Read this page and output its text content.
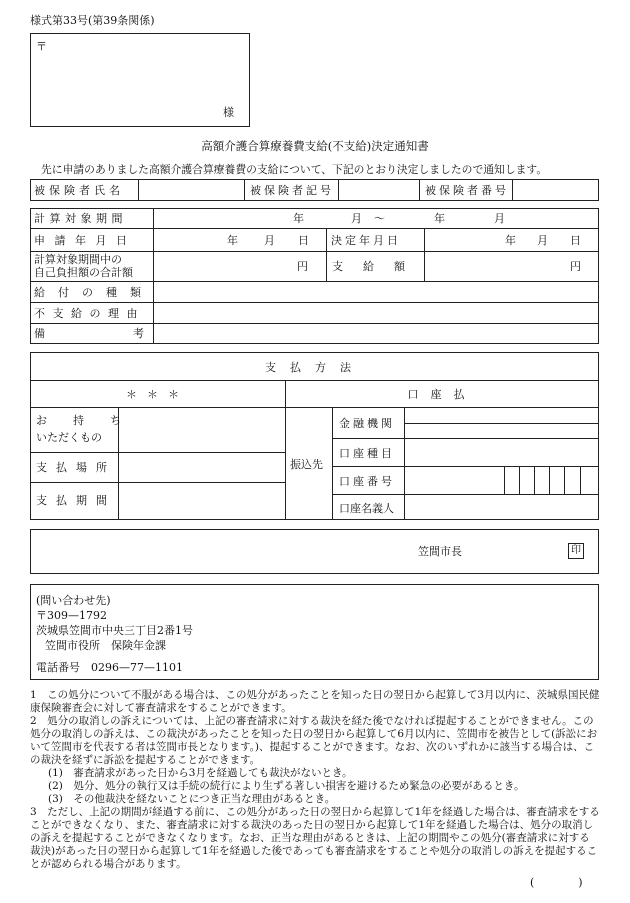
様式第33号(第39条関係)
〒
様
高額介護合算療養費支給(不支給)決定通知書
先に申請のありました高額介護合算療養費の支給について、下記のとおり決定しましたので通知します。
被保険者氏名	被保険者記号	被保険者番号
計算対象期間	年	月 〜	年	月
申請年月日	年 月 日 決定年月日	年 月 日
計算対象期間中の
自己負担額の合計額	円 支給額	円
給付の種類
不支給の理由
備考
支払方法
＊＊＊	口座払
お持ち
いただくもの
支払場所
支払期間
振込先
金融機関
口座種目
口座番号
口座名義人
笠間市長	印
(問い合わせ先)
〒309—1792
茨城県笠間市中央三丁目2番1号
笠間市役所　保険年金課
電話番号　0296—77—1101

1　この処分について不服がある場合は、この処分があったことを知った日の翌日から起算して3月以内に、茨城県国民健康保険審査会に対して審査請求をすることができます。

2　処分の取消しの訴えについては、上記の審査請求に対する裁決を経た後でなければ提起することができません。この処分の取消しの訴えは、この裁決があったことを知った日の翌日から起算して6月以内に、笠間市を被告として(訴訟において笠間市を代表する者は笠間市長となります。)、提起することができます。なお、次のいずれかに該当する場合は、この裁決を経ずに訴訟を提起することができます。

(1)　審査請求があった日から3月を経過しても裁決がないとき。

(2)　処分、処分の執行又は手続の続行により生ずる著しい損害を避けるため緊急の必要があるとき。

(3)　その他裁決を経ないことにつき正当な理由があるとき。

3　ただし、上記の期間が経過する前に、この処分があった日の翌日から起算して1年を経過した場合は、審査請求をすることができなくなり、また、審査請求に対する裁決のあった日の翌日から起算して1年を経過した場合は、処分の取消しの訴えを提起することができなくなります。なお、正当な理由があるときは、上記の期間やこの処分(審査請求に対する裁決)があった日の翌日から起算して1年を経過した後であっても審査請求をすることや処分の取消しの訴えを提起することが認められる場合があります。

(　　　　)
